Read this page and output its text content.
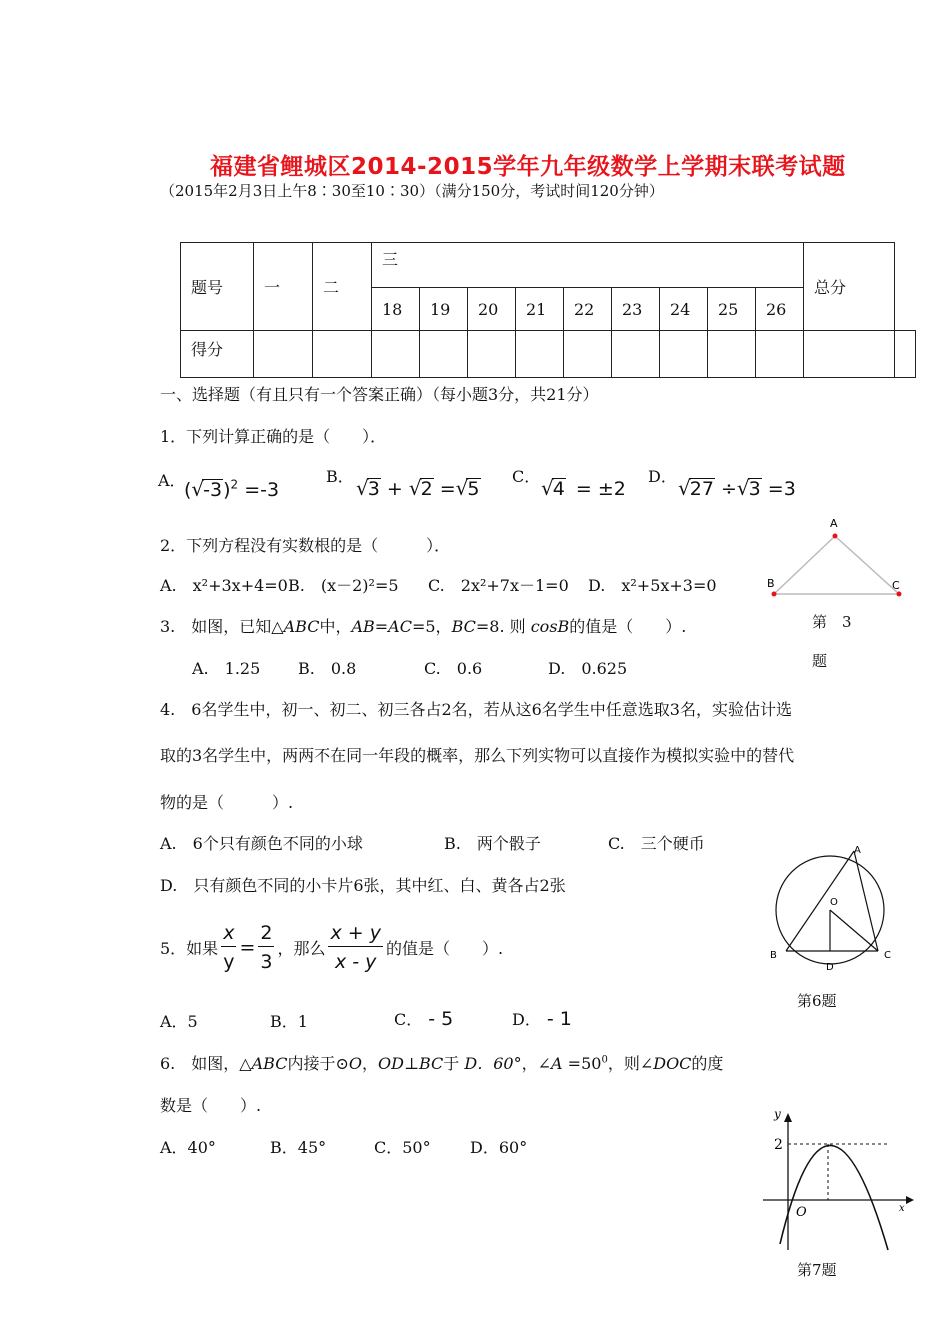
福建省鲤城区2014-2015学年九年级数学上学期末联考试题
（2015年2月3日上午8∶30至10∶30）（满分150分，考试时间120分钟）
题号	一	二	三									总分	
			18	19	20	21	22	23	24	25	26		
得分													
一、选择题（有且只有一个答案正确）（每小题3分，共21分）
1．下列计算正确的是（　　）．
A．
$(√-3)^2 =-3$
B． √3 + √2 =√5
C． √4 = ±2
D． √27 ÷√3 =3
2．下列方程没有实数根的是（　　　）．
A.　x²+3x+4=0 B.　(x－2)²=5 C.　2x²+7x－1=0 D.　x²+5x+3=0
A
B	C
第　3
题
3.　如图，已知△ABC中，AB=AC=5，BC=8. 则 cosB的值是（　　）.
A.　1.25 B.　0.8	C.　0.6	D.　0.625
4.　6名学生中，初一、初二、初三各占2名，若从这6名学生中任意选取3名，实验估计选
取的3名学生中，两两不在同一年段的概率，那么下列实物可以直接作为模拟实验中的替代
物的是（　　　）.
A.　6个只有颜色不同的小球	B.　两个骰子	C.　三个硬币
D.　只有颜色不同的小卡片6张，其中红、白、黄各占2张
A
O
B
D
C
第6题
5．如果 $\frac{x}{y} = \frac{2}{3}$ ，那么 $\frac{x + y}{x - y}$ 的值是（　　）.
A．5	B．1	C． - 5	D． - 1
6.　如图，△ABC内接于⊙O，OD⊥BC于 D．60°，∠A $=50^0$，则∠DOC的度
数是（　　）.
A．40°	B．45°	C．50° D．60°
y
2
O	x
第7题
